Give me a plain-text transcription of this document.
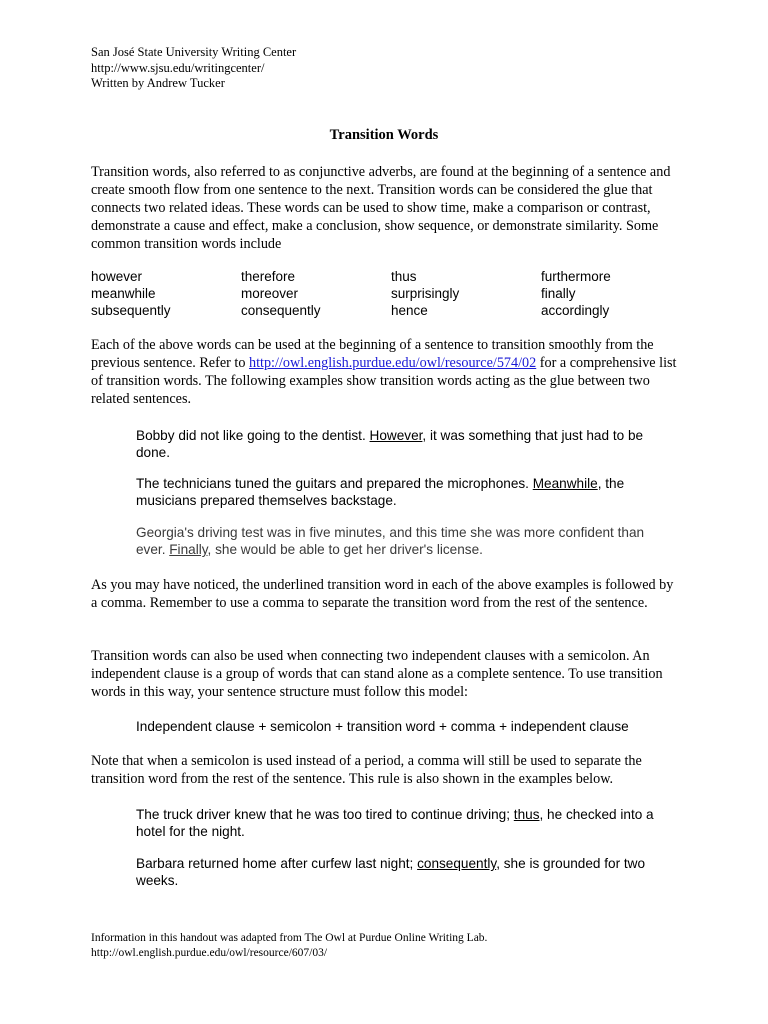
San José State University Writing Center
http://www.sjsu.edu/writingcenter/
Written by Andrew Tucker
Transition Words
Transition words, also referred to as conjunctive adverbs, are found at the beginning of a sentence and create smooth flow from one sentence to the next. Transition words can be considered the glue that connects two related ideas. These words can be used to show time, make a comparison or contrast, demonstrate a cause and effect, make a conclusion, show sequence, or demonstrate similarity. Some common transition words include
however	therefore	thus	furthermore
meanwhile	moreover	surprisingly	finally
subsequently	consequently	hence	accordingly
Each of the above words can be used at the beginning of a sentence to transition smoothly from the previous sentence. Refer to http://owl.english.purdue.edu/owl/resource/574/02 for a comprehensive list of transition words. The following examples show transition words acting as the glue between two related sentences.
Bobby did not like going to the dentist. However, it was something that just had to be done.
The technicians tuned the guitars and prepared the microphones. Meanwhile, the musicians prepared themselves backstage.
Georgia's driving test was in five minutes, and this time she was more confident than ever. Finally, she would be able to get her driver's license.
As you may have noticed, the underlined transition word in each of the above examples is followed by a comma. Remember to use a comma to separate the transition word from the rest of the sentence.
Transition words can also be used when connecting two independent clauses with a semicolon. An independent clause is a group of words that can stand alone as a complete sentence. To use transition words in this way, your sentence structure must follow this model:
Independent clause + semicolon + transition word + comma + independent clause
Note that when a semicolon is used instead of a period, a comma will still be used to separate the transition word from the rest of the sentence. This rule is also shown in the examples below.
The truck driver knew that he was too tired to continue driving; thus, he checked into a hotel for the night.
Barbara returned home after curfew last night; consequently, she is grounded for two weeks.
Information in this handout was adapted from The Owl at Purdue Online Writing Lab.
http://owl.english.purdue.edu/owl/resource/607/03/
